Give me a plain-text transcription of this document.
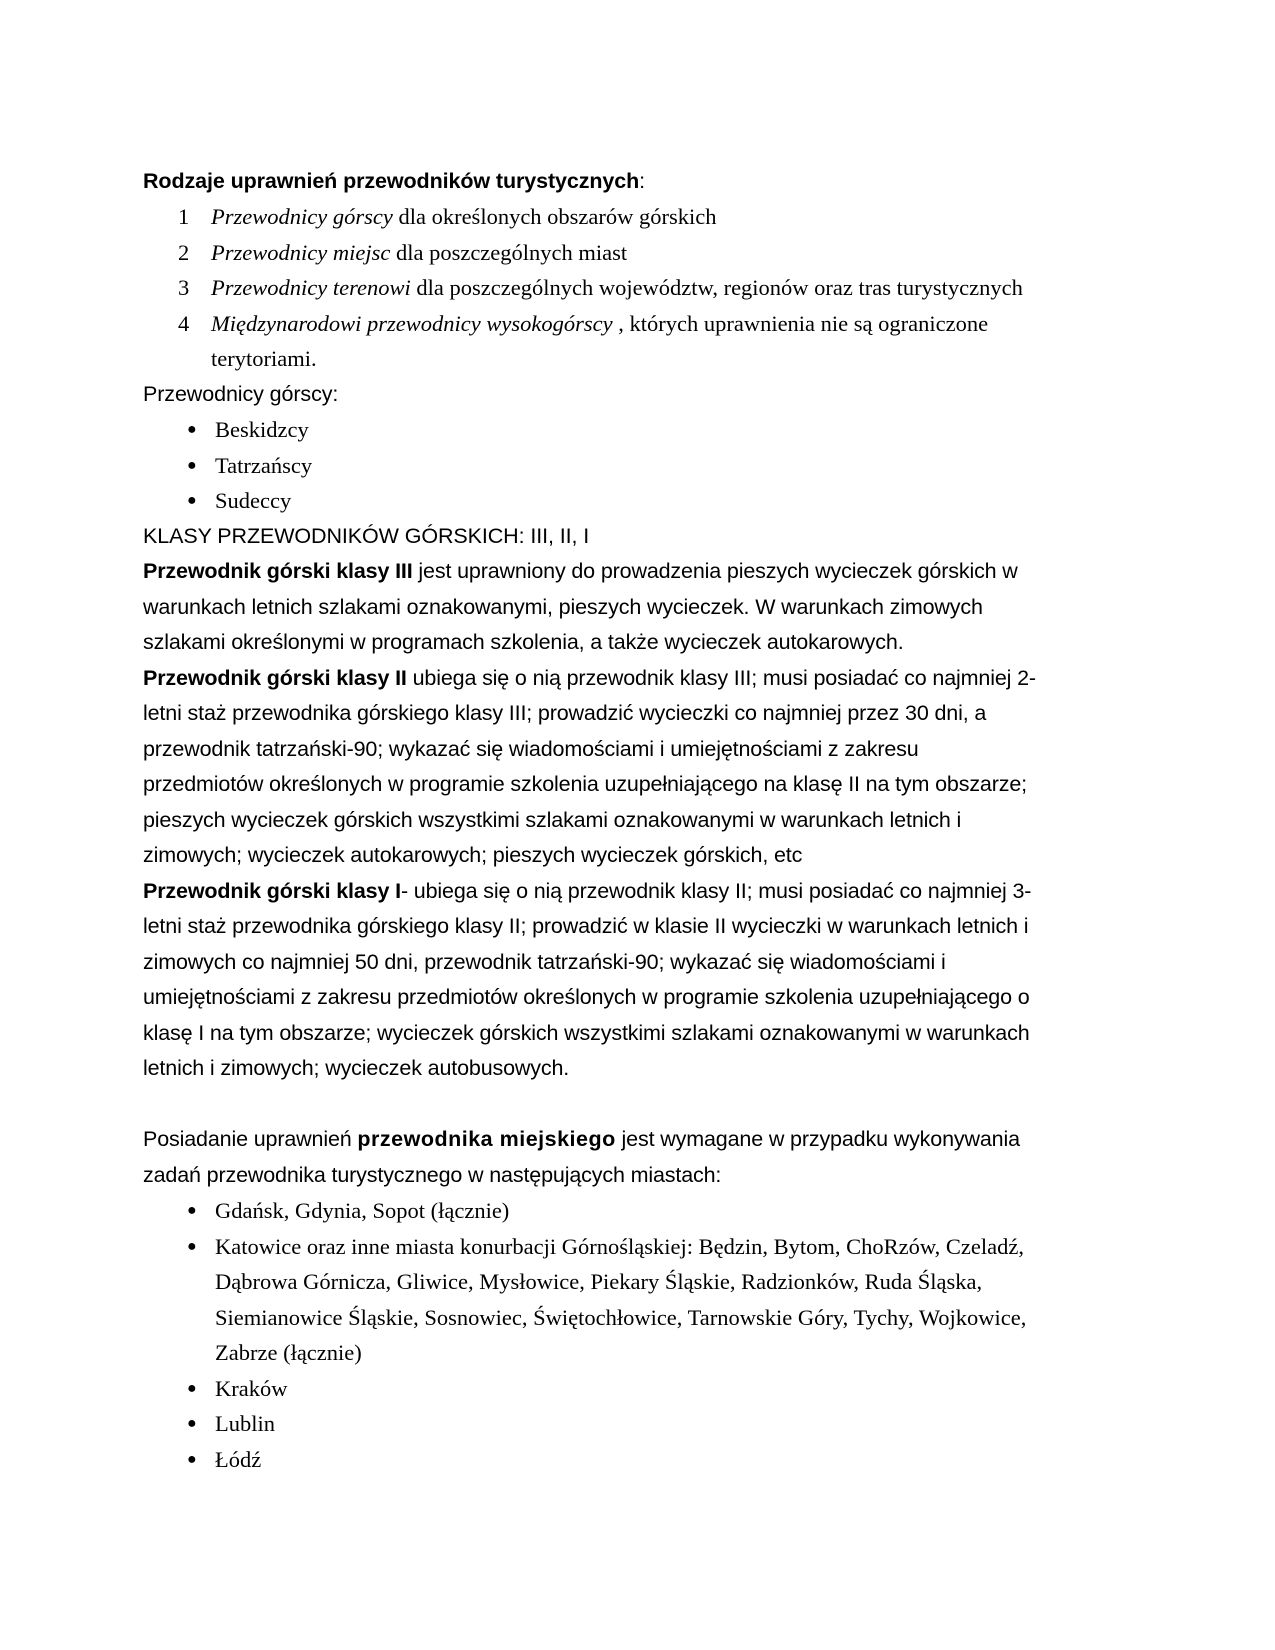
Rodzaje uprawnień przewodników turystycznych:
1 Przewodnicy górscy dla określonych obszarów górskich
2 Przewodnicy miejsc dla poszczególnych miast
3 Przewodnicy terenowi dla poszczególnych województw, regionów oraz tras turystycznych
4 Międzynarodowi przewodnicy wysokogórscy , których uprawnienia nie są ograniczone terytoriami.
Przewodnicy górscy:
● Beskidzcy
● Tatrzańscy
● Sudeccy
KLASY PRZEWODNIKÓW GÓRSKICH: III, II, I

Przewodnik górski klasy III jest uprawniony do prowadzenia pieszych wycieczek górskich w warunkach letnich szlakami oznakowanymi, pieszych wycieczek. W warunkach zimowych szlakami określonymi w programach szkolenia, a także wycieczek autokarowych.

Przewodnik górski klasy II ubiega się o nią przewodnik klasy III; musi posiadać co najmniej 2-letni staż przewodnika górskiego klasy III; prowadzić wycieczki co najmniej przez 30 dni, a przewodnik tatrzański-90; wykazać się wiadomościami i umiejętnościami z zakresu przedmiotów określonych w programie szkolenia uzupełniającego na klasę II na tym obszarze; pieszych wycieczek górskich wszystkimi szlakami oznakowanymi w warunkach letnich i zimowych; wycieczek autokarowych; pieszych wycieczek górskich, etc

Przewodnik górski klasy I- ubiega się o nią przewodnik klasy II; musi posiadać co najmniej 3-letni staż przewodnika górskiego klasy II; prowadzić w klasie II wycieczki w warunkach letnich i zimowych co najmniej 50 dni, przewodnik tatrzański-90; wykazać się wiadomościami i umiejętnościami z zakresu przedmiotów określonych w programie szkolenia uzupełniającego o klasę I na tym obszarze; wycieczek górskich wszystkimi szlakami oznakowanymi w warunkach letnich i zimowych; wycieczek autobusowych.

Posiadanie uprawnień przewodnika miejskiego jest wymagane w przypadku wykonywania zadań przewodnika turystycznego w następujących miastach:

● Gdańsk, Gdynia, Sopot (łącznie)
● Katowice oraz inne miasta konurbacji Górnośląskiej: Będzin, Bytom, ChoRzów, Czeladź, Dąbrowa Górnicza, Gliwice, Mysłowice, Piekary Śląskie, Radzionków, Ruda Śląska, Siemianowice Śląskie, Sosnowiec, Świętochłowice, Tarnowskie Góry, Tychy, Wojkowice, Zabrze (łącznie)
● Kraków
● Lublin
● Łódź
